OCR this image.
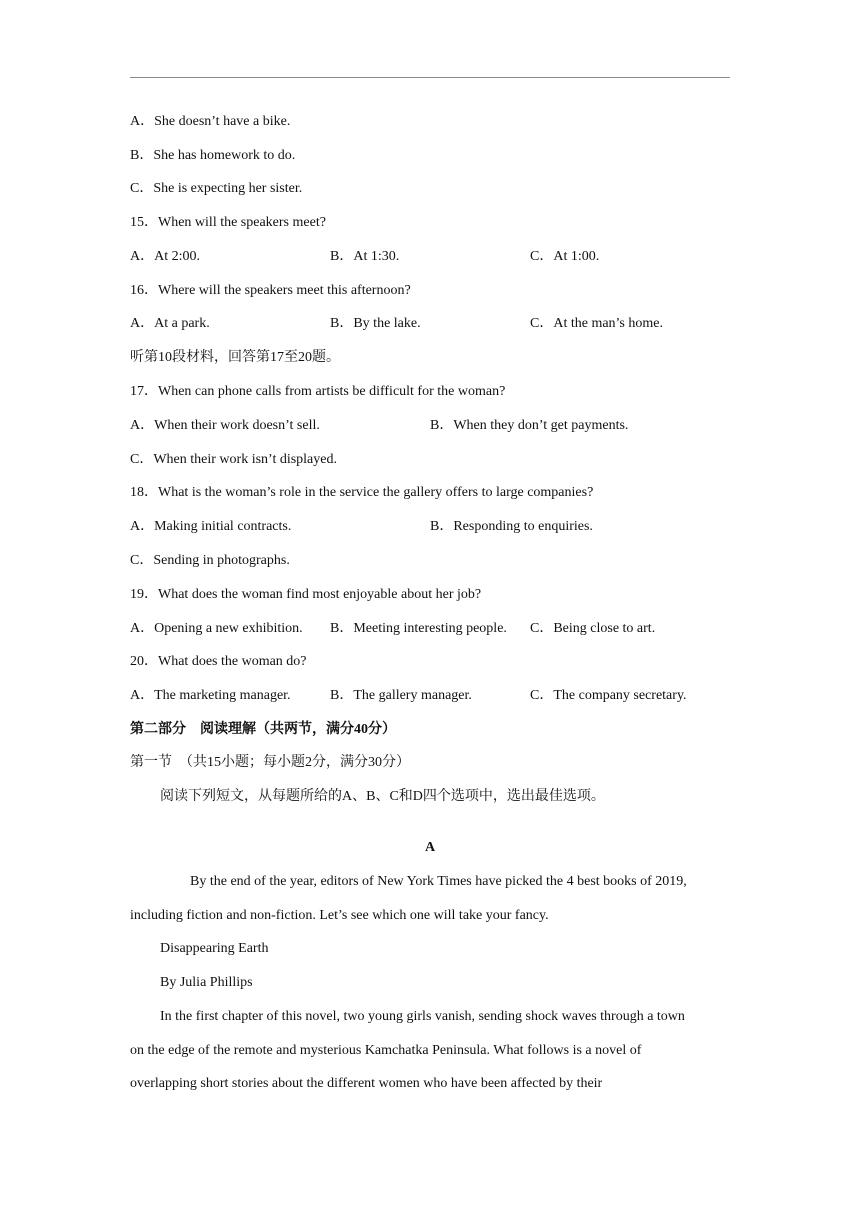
A．She doesn’t have a bike.
B．She has homework to do.
C．She is expecting her sister.
15．When will the speakers meet?
A．At 2:00.	B．At 1:30.	C．At 1:00.
16．Where will the speakers meet this afternoon?
A．At a park.	B．By the lake.	C．At the man’s home.
听第10段材料，回答第17至20题。
17．When can phone calls from artists be difficult for the woman?
A．When their work doesn’t sell.	B．When they don’t get payments.
C．When their work isn’t displayed.
18．What is the woman’s role in the service the gallery offers to large companies?
A．Making initial contracts.	B．Responding to enquiries.
C．Sending in photographs.
19．What does the woman find most enjoyable about her job?
A．Opening a new exhibition. B．Meeting interesting people. C．Being close to art.
20．What does the woman do?
A．The marketing manager.	B．The gallery manager.	C．The company secretary.
第二部分　阅读理解（共两节，满分40分）
第一节　（共15小题；每小题2分，满分30分）
阅读下列短文，从每题所给的A、B、C和D四个选项中，选出最佳选项。
A
By the end of the year, editors of New York Times have picked the 4 best books of 2019,
including fiction and non-fiction. Let’s see which one will take your fancy.
Disappearing Earth
By Julia Phillips
In the first chapter of this novel, two young girls vanish, sending shock waves through a town
on the edge of the remote and mysterious Kamchatka Peninsula. What follows is a novel of
overlapping short stories about the different women who have been affected by their
